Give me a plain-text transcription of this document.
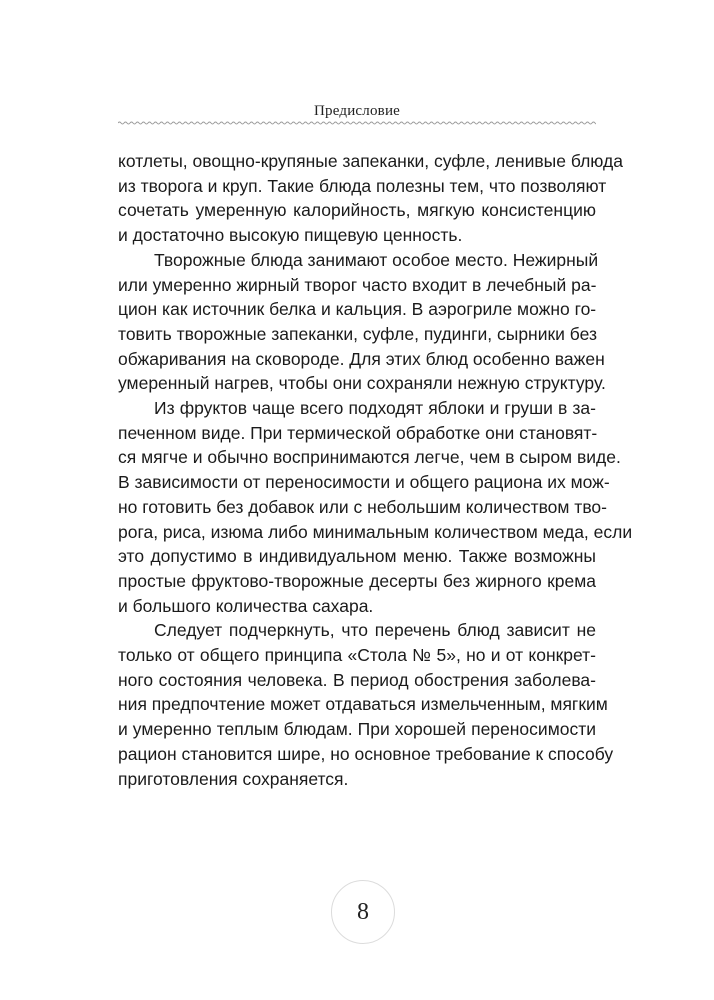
Предисловие
котлеты, овощно-крупяные запеканки, суфле, ленивые блюда
из творога и круп. Такие блюда полезны тем, что позволяют
сочетать умеренную калорийность, мягкую консистенцию
и достаточно высокую пищевую ценность.
Творожные блюда занимают особое место. Нежирный
или умеренно жирный творог часто входит в лечебный ра-
цион как источник белка и кальция. В аэрогриле можно го-
товить творожные запеканки, суфле, пудинги, сырники без
обжаривания на сковороде. Для этих блюд особенно важен
умеренный нагрев, чтобы они сохраняли нежную структуру.
Из фруктов чаще всего подходят яблоки и груши в за-
печенном виде. При термической обработке они становят-
ся мягче и обычно воспринимаются легче, чем в сыром виде.
В зависимости от переносимости и общего рациона их мож-
но готовить без добавок или с небольшим количеством тво-
рога, риса, изюма либо минимальным количеством меда, если
это допустимо в индивидуальном меню. Также возможны
простые фруктово-творожные десерты без жирного крема
и большого количества сахара.
Следует подчеркнуть, что перечень блюд зависит не
только от общего принципа «Стола № 5», но и от конкрет-
ного состояния человека. В период обострения заболева-
ния предпочтение может отдаваться измельченным, мягким
и умеренно теплым блюдам. При хорошей переносимости
рацион становится шире, но основное требование к способу
приготовления сохраняется.
8
